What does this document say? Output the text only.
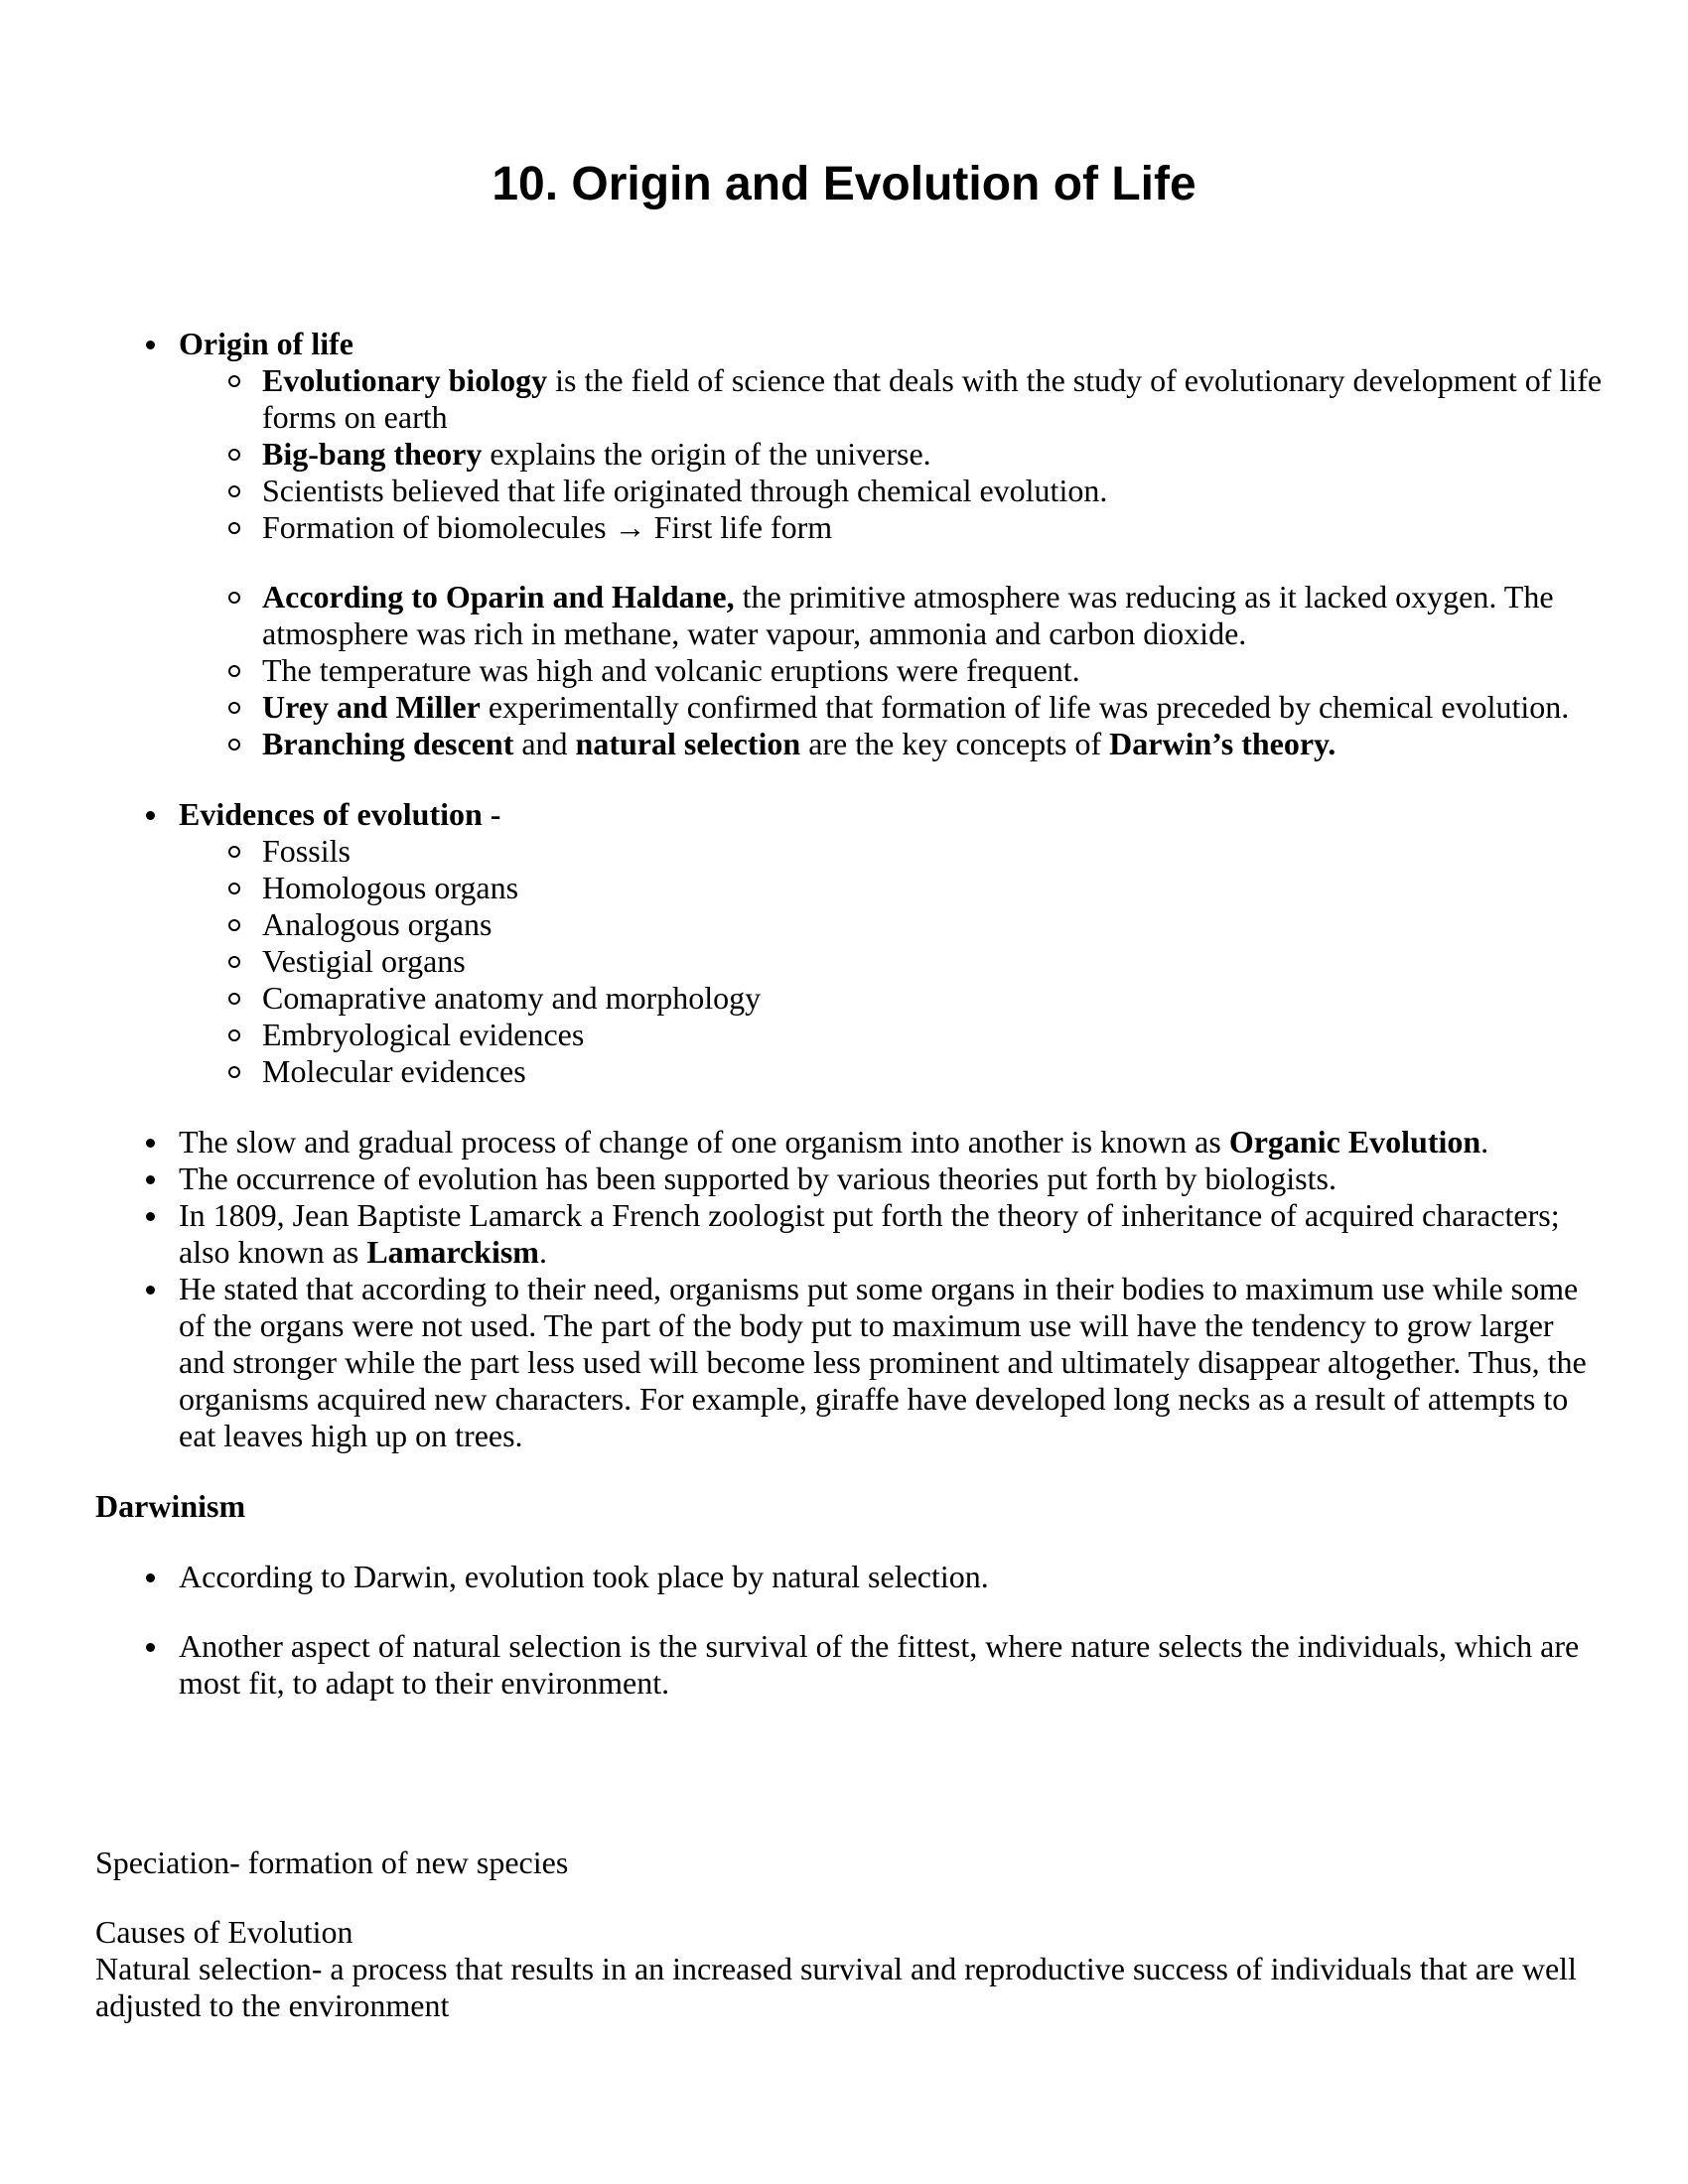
10. Origin and Evolution of Life
Origin of life
Evolutionary biology is the field of science that deals with the study of evolutionary development of life forms on earth
Big-bang theory explains the origin of the universe.
Scientists believed that life originated through chemical evolution.
Formation of biomolecules → First life form
According to Oparin and Haldane, the primitive atmosphere was reducing as it lacked oxygen. The atmosphere was rich in methane, water vapour, ammonia and carbon dioxide.
The temperature was high and volcanic eruptions were frequent.
Urey and Miller experimentally confirmed that formation of life was preceded by chemical evolution.
Branching descent and natural selection are the key concepts of Darwin’s theory.
Evidences of evolution -
Fossils
Homologous organs
Analogous organs
Vestigial organs
Comaprative anatomy and morphology
Embryological evidences
Molecular evidences
The slow and gradual process of change of one organism into another is known as Organic Evolution.
The occurrence of evolution has been supported by various theories put forth by biologists.
In 1809, Jean Baptiste Lamarck a French zoologist put forth the theory of inheritance of acquired characters; also known as Lamarckism.
He stated that according to their need, organisms put some organs in their bodies to maximum use while some of the organs were not used. The part of the body put to maximum use will have the tendency to grow larger and stronger while the part less used will become less prominent and ultimately disappear altogether. Thus, the organisms acquired new characters. For example, giraffe have developed long necks as a result of attempts to eat leaves high up on trees.

Darwinism

According to Darwin, evolution took place by natural selection.
Another aspect of natural selection is the survival of the fittest, where nature selects the individuals, which are most fit, to adapt to their environment.

Speciation- formation of new species

Causes of Evolution

Natural selection- a process that results in an increased survival and reproductive success of individuals that are well adjusted to the environment
